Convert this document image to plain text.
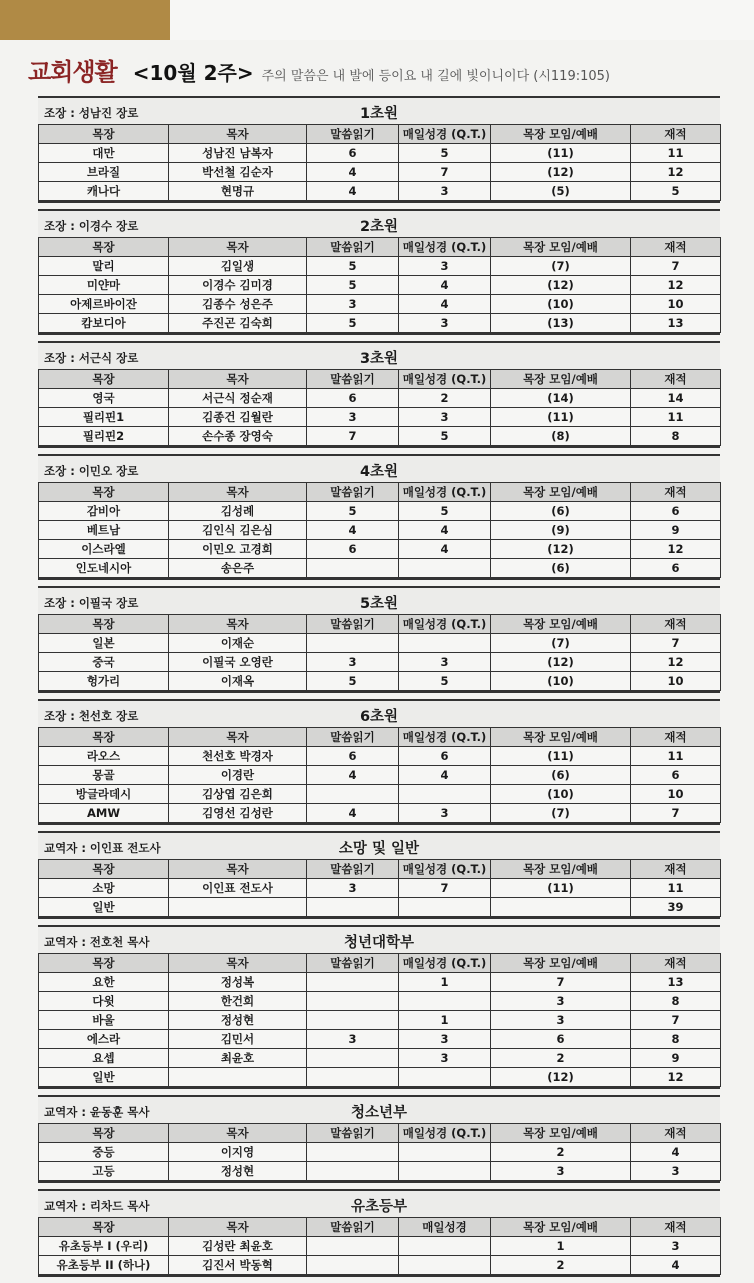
교회생활 <10월 2주> 주의 말씀은 내 발에 등이요 내 길에 빛이니이다 (시119:105)
1초원
조장 : 성남진 장로
목장	목자	말씀읽기	매일성경 (Q.T.)	목장 모임/예배	재적
대만	성남진 남복자	6	5	(11)	11
브라질	박선철 김순자	4	7	(12)	12
캐나다	현명규	4	3	(5)	5
2초원
조장 : 이경수 장로
목장	목자	말씀읽기	매일성경 (Q.T.)	목장 모임/예배	재적
말리	김일생	5	3	(7)	7
미얀마	이경수 김미경	5	4	(12)	12
아제르바이잔	김종수 성은주	3	4	(10)	10
캄보디아	주진곤 김숙희	5	3	(13)	13
3초원
조장 : 서근식 장로
목장	목자	말씀읽기	매일성경 (Q.T.)	목장 모임/예배	재적
영국	서근식 정순재	6	2	(14)	14
필리핀1	김종건 김월란	3	3	(11)	11
필리핀2	손수종 장영숙	7	5	(8)	8
4초원
조장 : 이민오 장로
목장	목자	말씀읽기	매일성경 (Q.T.)	목장 모임/예배	재적
감비아	김성례	5	5	(6)	6
베트남	김인식 김은심	4	4	(9)	9
이스라엘	이민오 고경희	6	4	(12)	12
인도네시아	송은주			(6)	6
5초원
조장 : 이필국 장로
목장	목자	말씀읽기	매일성경 (Q.T.)	목장 모임/예배	재적
일본	이재순			(7)	7
중국	이필국 오영란	3	3	(12)	12
헝가리	이재옥	5	5	(10)	10
6초원
조장 : 천선호 장로
목장	목자	말씀읽기	매일성경 (Q.T.)	목장 모임/예배	재적
라오스	천선호 박경자	6	6	(11)	11
몽골	이경란	4	4	(6)	6
방글라데시	김상엽 김은희			(10)	10
AMW	김영선 김성란	4	3	(7)	7
소망 및 일반
교역자 : 이인표 전도사
목장	목자	말씀읽기	매일성경 (Q.T.)	목장 모임/예배	재적
소망	이인표 전도사	3	7	(11)	11
일반					39
청년대학부
교역자 : 전호천 목사
목장	목자	말씀읽기	매일성경 (Q.T.)	목장 모임/예배	재적
요한	정성복		1	7	13
다윗	한건희			3	8
바울	정성현		1	3	7
에스라	김민서	3	3	6	8
요셉	최윤호		3	2	9
일반				(12)	12
청소년부
교역자 : 윤동훈 목사
목장	목자	말씀읽기	매일성경 (Q.T.)	목장 모임/예배	재적
중등	이지영			2	4
고등	정성현			3	3
유초등부
교역자 : 리차드 목사
목장	목자	말씀읽기	매일성경	목장 모임/예배	재적
유초등부 I (우리)	김성란 최윤호			1	3
유초등부 II (하나)	김진서 박동혁			2	4
